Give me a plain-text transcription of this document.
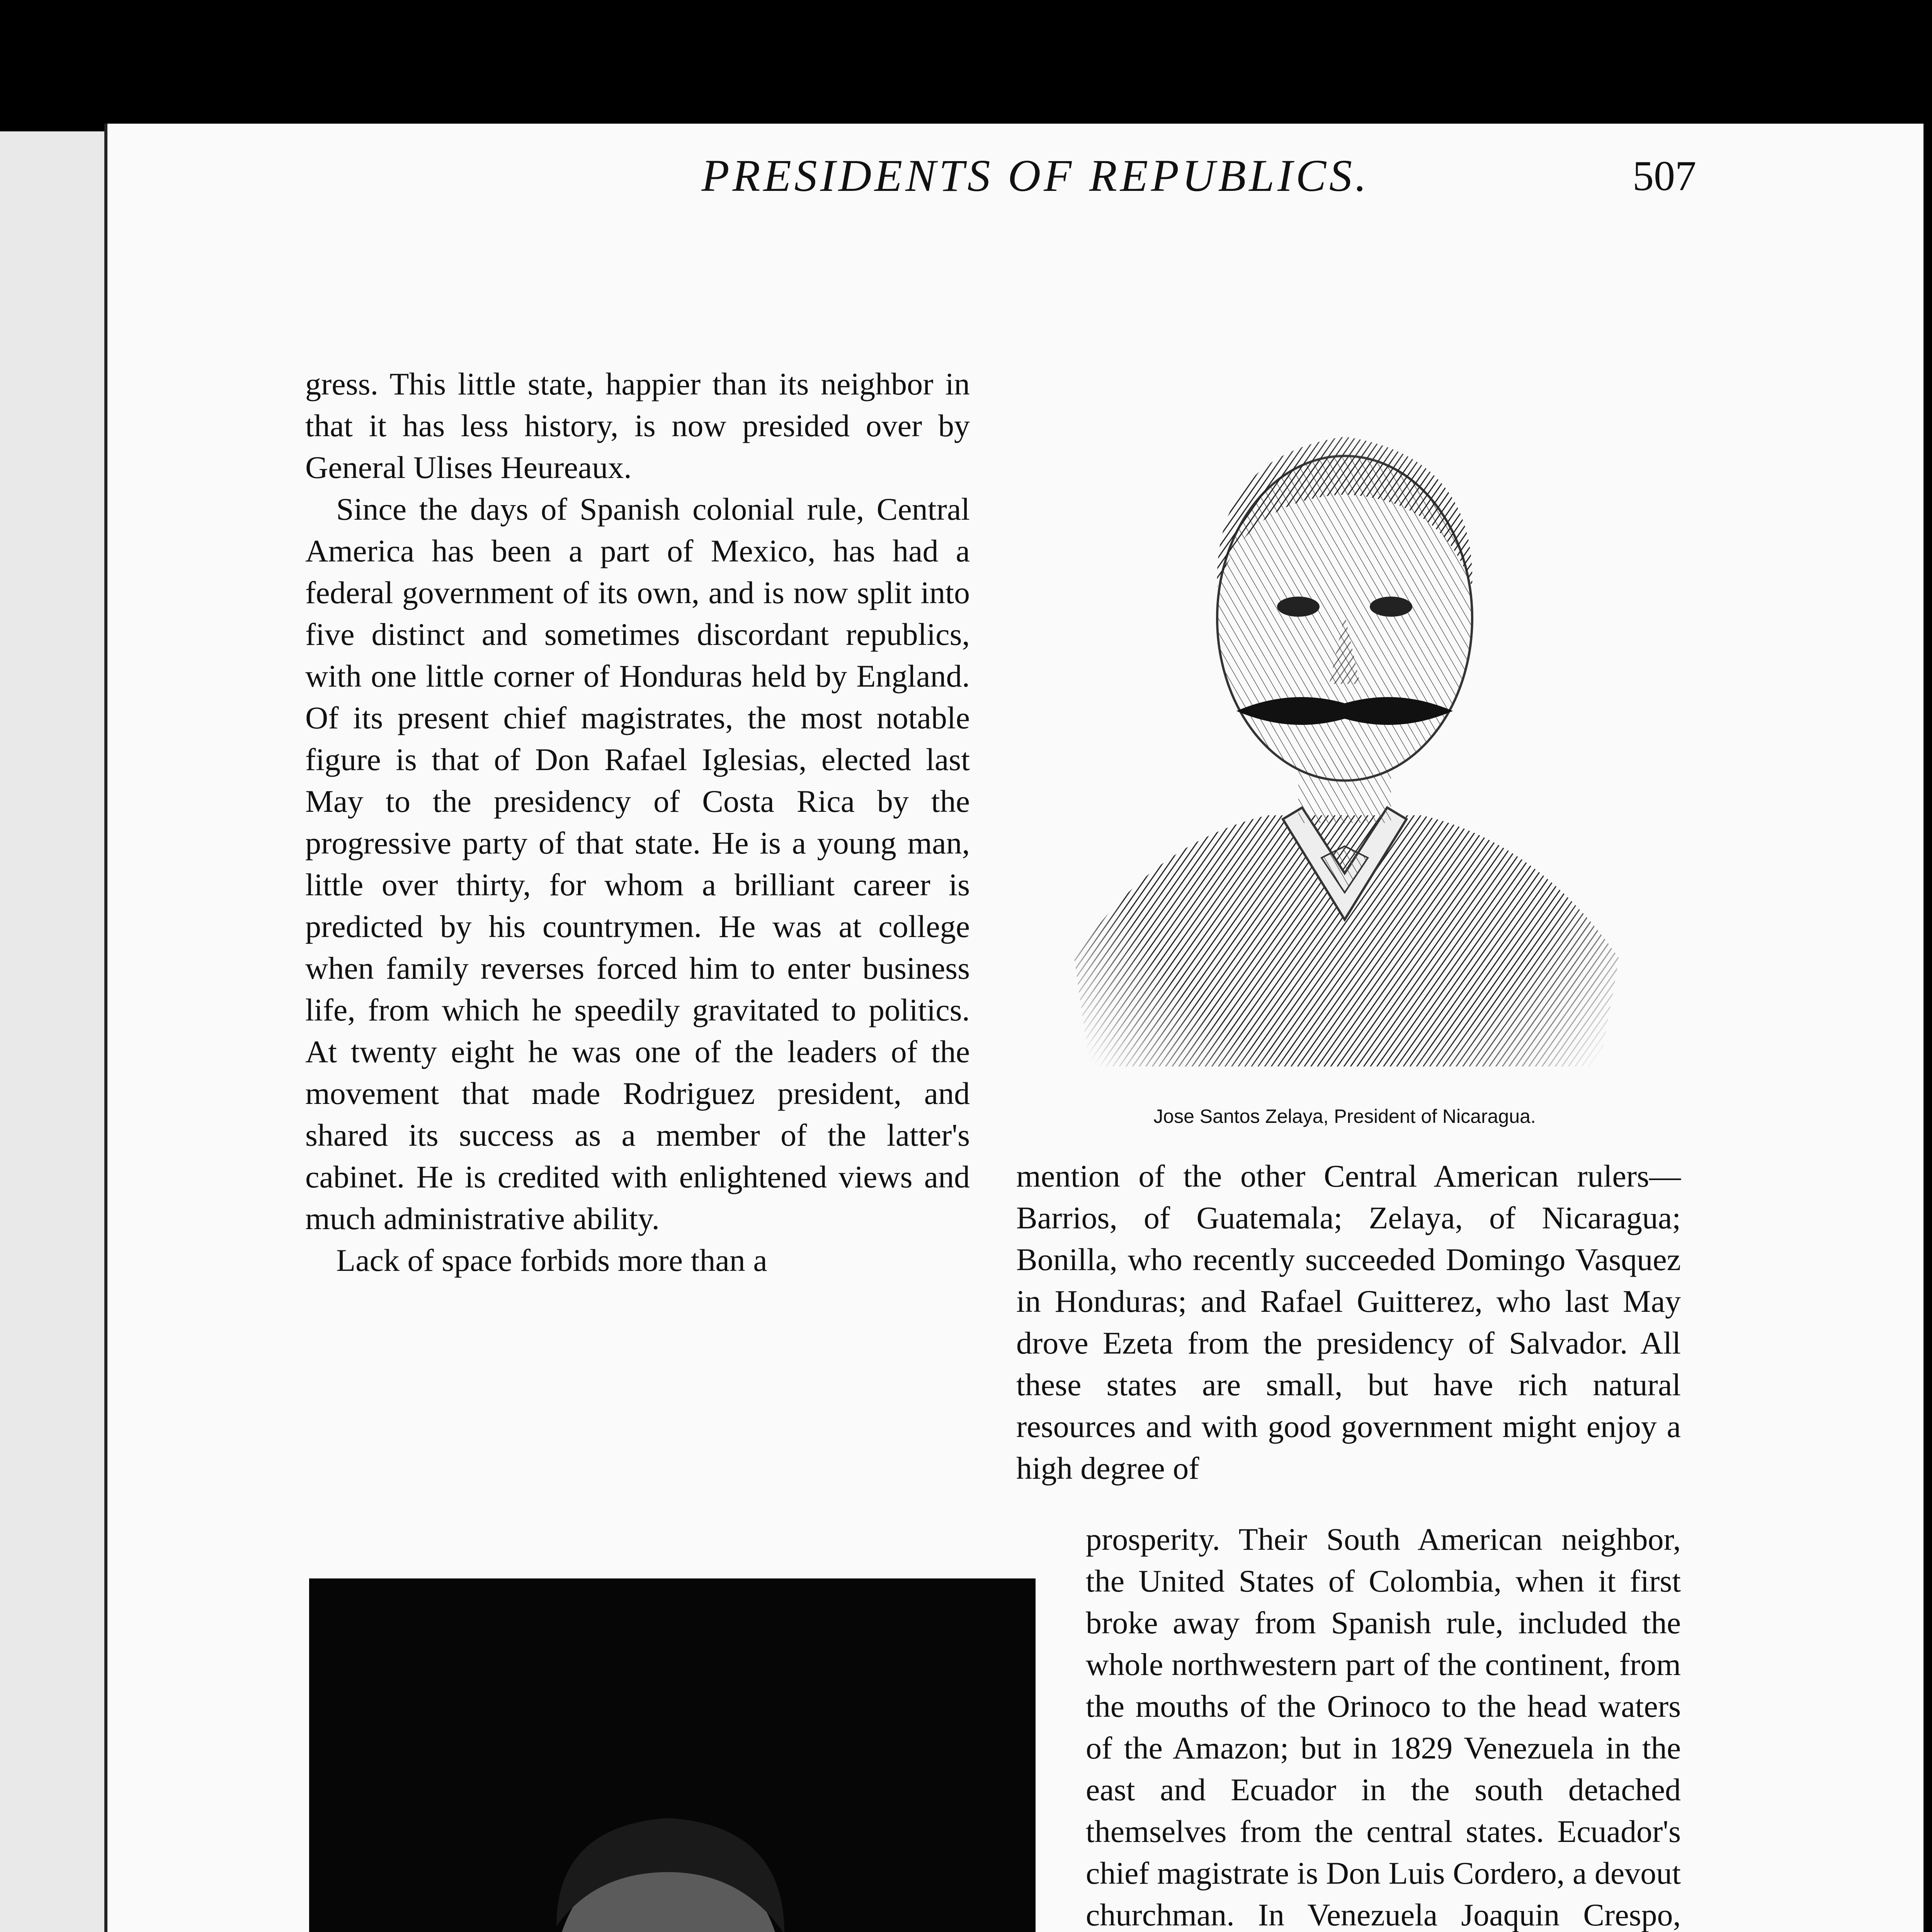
PRESIDENTS OF REPUBLICS.	507

gress. This little state, happier than its neighbor in that it has less history, is now presided over by General Ulises Heureaux.

Since the days of Spanish colonial rule, Central America has been a part of Mexico, has had a federal government of its own, and is now split into five distinct and sometimes discordant republics, with one little corner of Honduras held by England. Of its present chief magistrates, the most notable figure is that of Don Rafael Iglesias, elected last May to the presidency of Costa Rica by the progressive party of that state. He is a young man, little over thirty, for whom a brilliant career is predicted by his countrymen. He was at college when family reverses forced him to enter business life, from which he speedily gravitated to politics. At twenty eight he was one of the leaders of the movement that made Rodriguez president, and shared its success as a member of the latter's cabinet. He is credited with enlightened views and much administrative ability.

Lack of space forbids more than a

Jose Santos Zelaya, President of Nicaragua.

mention of the other Central American rulers—Barrios, of Guatemala; Zelaya, of Nicaragua; Bonilla, who recently succeeded Domingo Vasquez in Honduras; and Rafael Guitterez, who last May drove Ezeta from the presidency of Salvador. All these states are small, but have rich natural resources and with good government might enjoy a high degree of

prosperity. Their South American neighbor, the United States of Colombia, when it first broke away from Spanish rule, included the whole northwestern part of the continent, from the mouths of the Orinoco to the head waters of the Amazon; but in 1829 Venezuela in the east and Ecuador in the south detached themselves from the central states. Ecuador's chief magistrate is Don Luis Cordero, a devout churchman. In Venezuela Joaquin Crespo,
